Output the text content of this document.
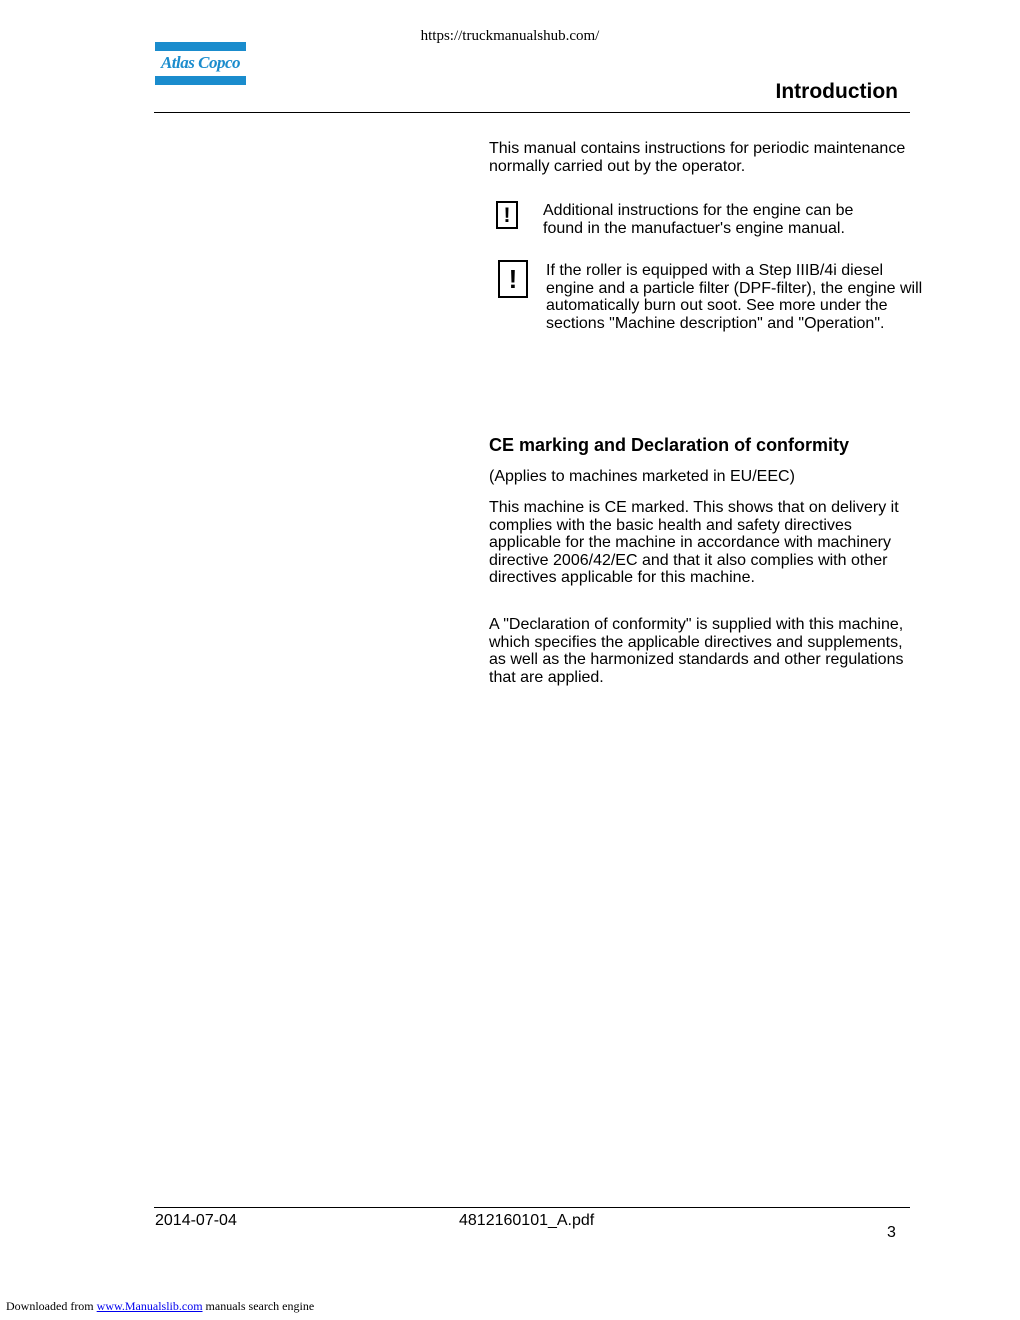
https://truckmanualshub.com/
Atlas Copco
Introduction
This manual contains instructions for periodic maintenance normally carried out by the operator.
!	Additional instructions for the engine can be found in the manufactuer's engine manual.
!	If the roller is equipped with a Step IIIB/4i diesel engine and a particle filter (DPF-filter), the engine will automatically burn out soot. See more under the sections "Machine description" and "Operation".
CE marking and Declaration of conformity
(Applies to machines marketed in EU/EEC)
This machine is CE marked. This shows that on delivery it complies with the basic health and safety directives applicable for the machine in accordance with machinery directive 2006/42/EC and that it also complies with other directives applicable for this machine.
A "Declaration of conformity" is supplied with this machine, which specifies the applicable directives and supplements, as well as the harmonized standards and other regulations that are applied.
2014-07-04	4812160101_A.pdf
3
Downloaded from www.Manualslib.com manuals search engine
